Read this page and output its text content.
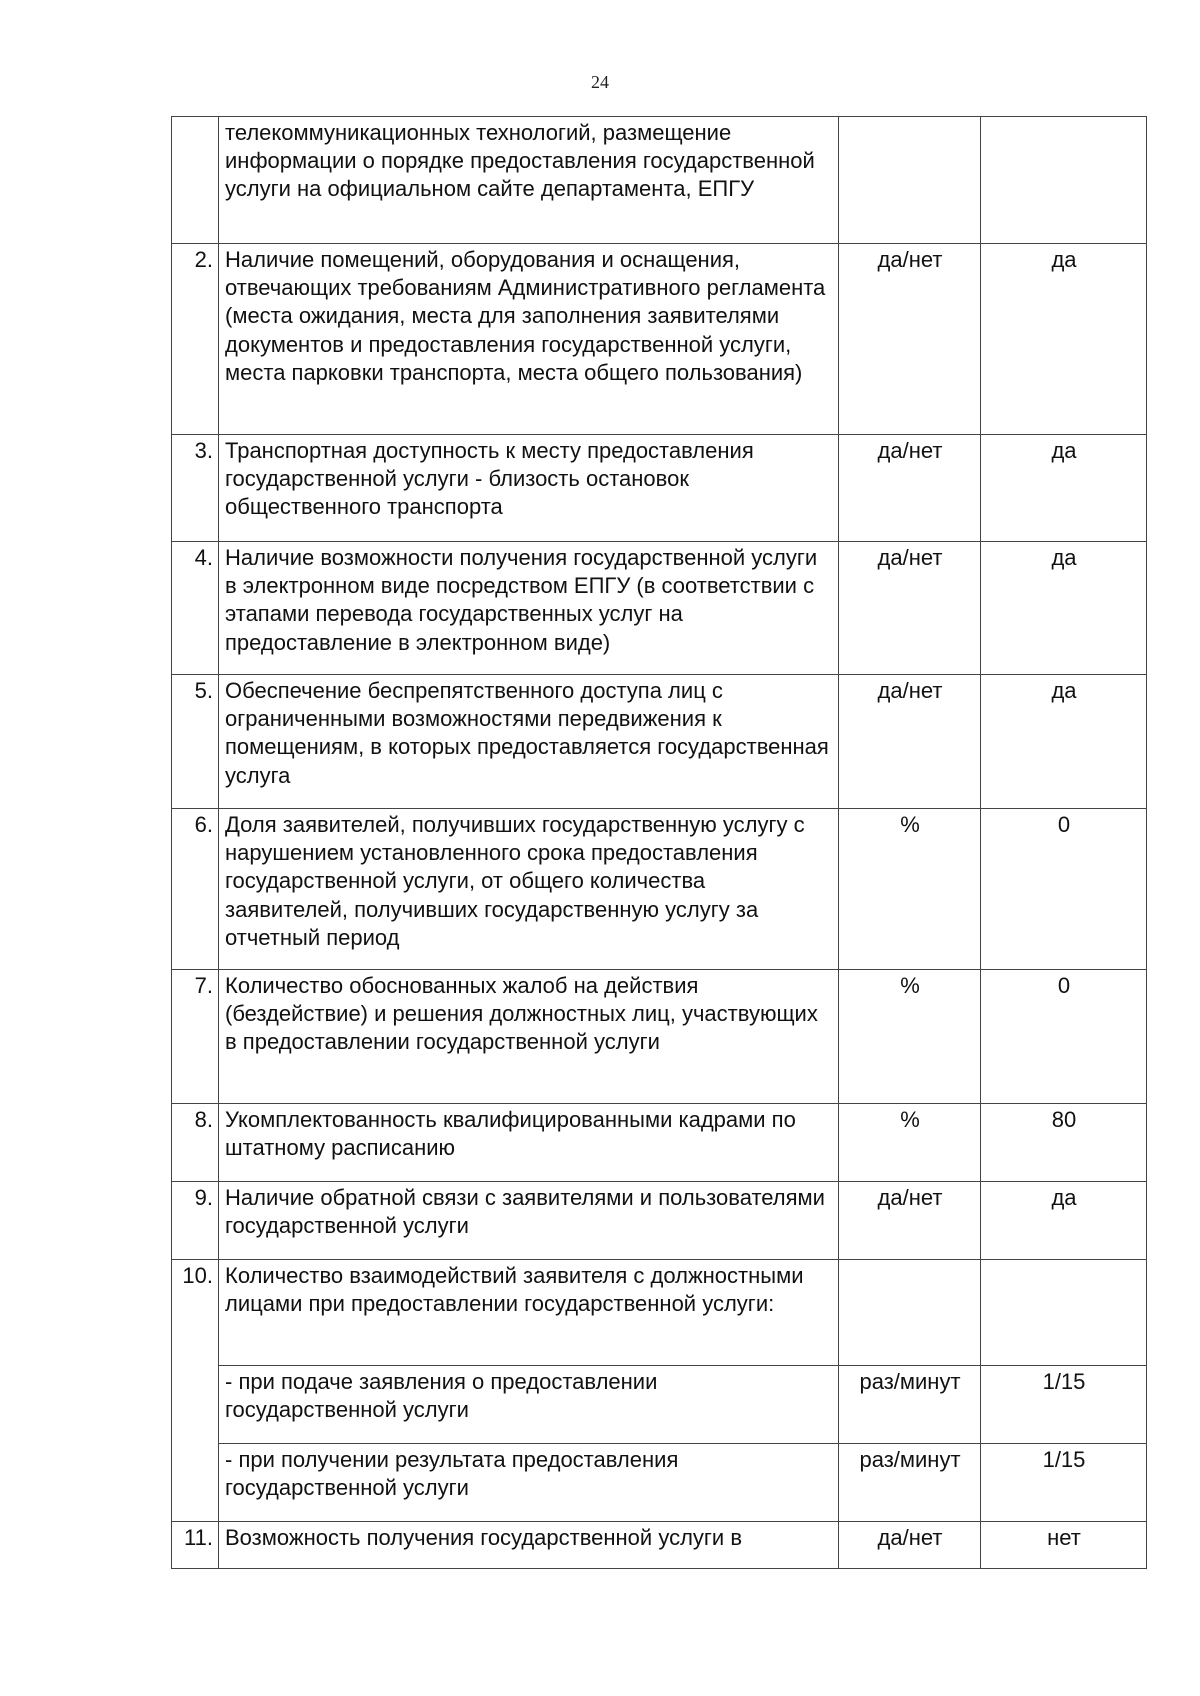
24
	телекоммуникационных технологий, размещение информации о порядке предоставления государственной услуги на официальном сайте департамента, ЕПГУ		
2.	Наличие помещений, оборудования и оснащения, отвечающих требованиям Административного регламента (места ожидания, места для заполнения заявителями документов и предоставления государственной услуги, места парковки транспорта, места общего пользования)	да/нет	да
3.	Транспортная доступность к месту предоставления государственной услуги - близость остановок общественного транспорта	да/нет	да
4.	Наличие возможности получения государственной услуги в электронном виде посредством ЕПГУ (в соответствии с этапами перевода государственных услуг на предоставление в электронном виде)	да/нет	да
5.	Обеспечение беспрепятственного доступа лиц с ограниченными возможностями передвижения к помещениям, в которых предоставляется государственная услуга	да/нет	да
6.	Доля заявителей, получивших государственную услугу с нарушением установленного срока предоставления государственной услуги, от общего количества заявителей, получивших государственную услугу за отчетный период	%	0
7.	Количество обоснованных жалоб на действия (бездействие) и решения должностных лиц, участвующих в предоставлении государственной услуги	%	0
8.	Укомплектованность квалифицированными кадрами по штатному расписанию	%	80
9.	Наличие обратной связи с заявителями и пользователями государственной услуги	да/нет	да
10.	Количество взаимодействий заявителя с должностными лицами при предоставлении государственной услуги:		
	- при подаче заявления о предоставлении государственной услуги	раз/минут	1/15
	- при получении результата предоставления государственной услуги	раз/минут	1/15
11.	Возможность получения государственной услуги в	да/нет	нет
